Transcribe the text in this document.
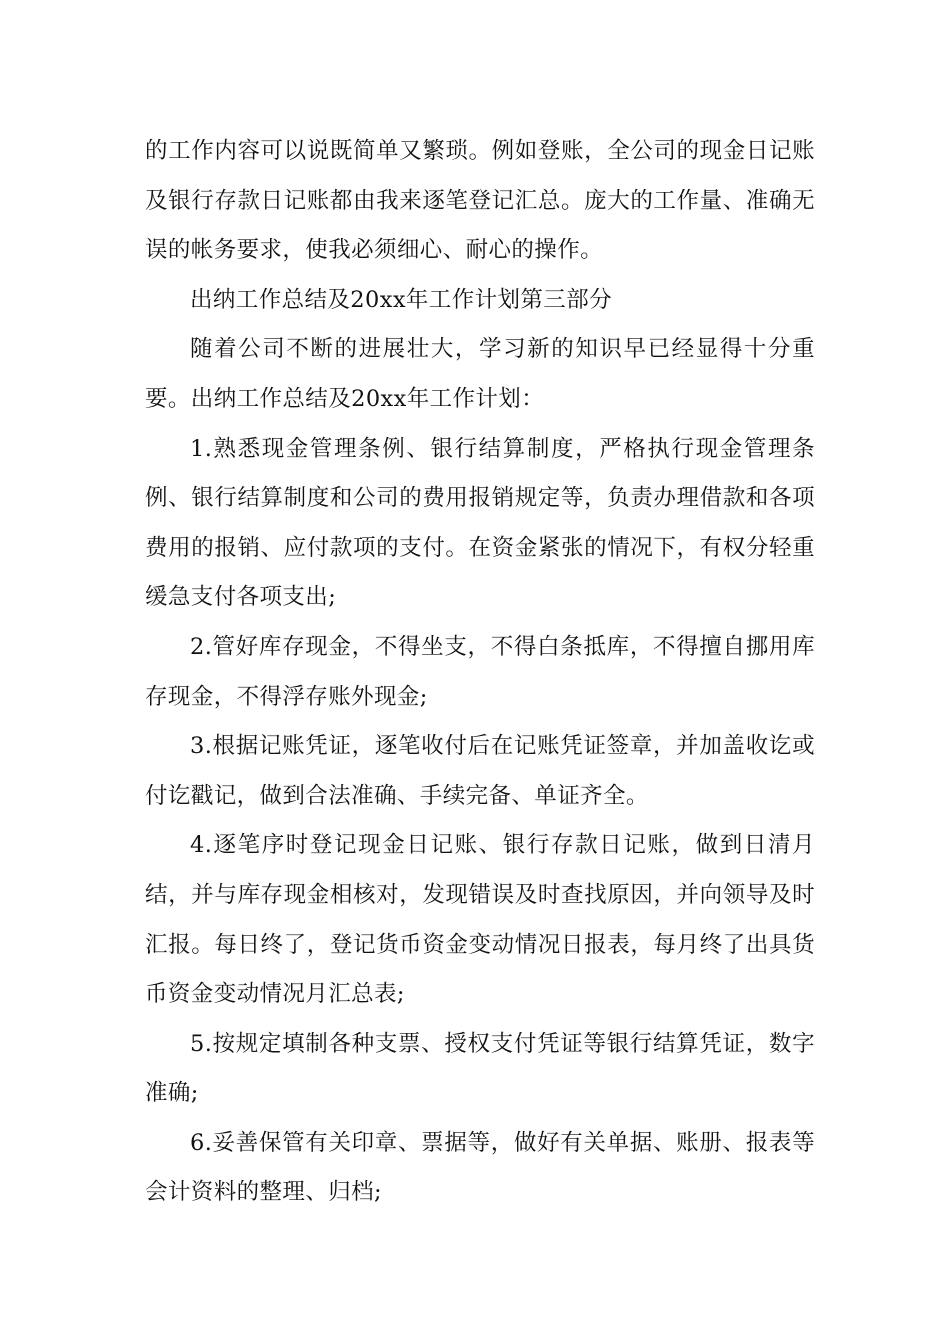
的工作内容可以说既简单又繁琐。例如登账，全公司的现金日记账及银行存款日记账都由我来逐笔登记汇总。庞大的工作量、准确无误的帐务要求，使我必须细心、耐心的操作。

出纳工作总结及20xx年工作计划第三部分

随着公司不断的进展壮大，学习新的知识早已经显得十分重要。出纳工作总结及20xx年工作计划：

1.熟悉现金管理条例、银行结算制度，严格执行现金管理条例、银行结算制度和公司的费用报销规定等，负责办理借款和各项费用的报销、应付款项的支付。在资金紧张的情况下，有权分轻重缓急支付各项支出;

2.管好库存现金，不得坐支，不得白条抵库，不得擅自挪用库存现金，不得浮存账外现金;

3.根据记账凭证，逐笔收付后在记账凭证签章，并加盖收讫或付讫戳记，做到合法准确、手续完备、单证齐全。

4.逐笔序时登记现金日记账、银行存款日记账，做到日清月结，并与库存现金相核对，发现错误及时查找原因，并向领导及时汇报。每日终了，登记货币资金变动情况日报表，每月终了出具货币资金变动情况月汇总表;

5.按规定填制各种支票、授权支付凭证等银行结算凭证，数字准确;

6.妥善保管有关印章、票据等，做好有关单据、账册、报表等会计资料的整理、归档;
